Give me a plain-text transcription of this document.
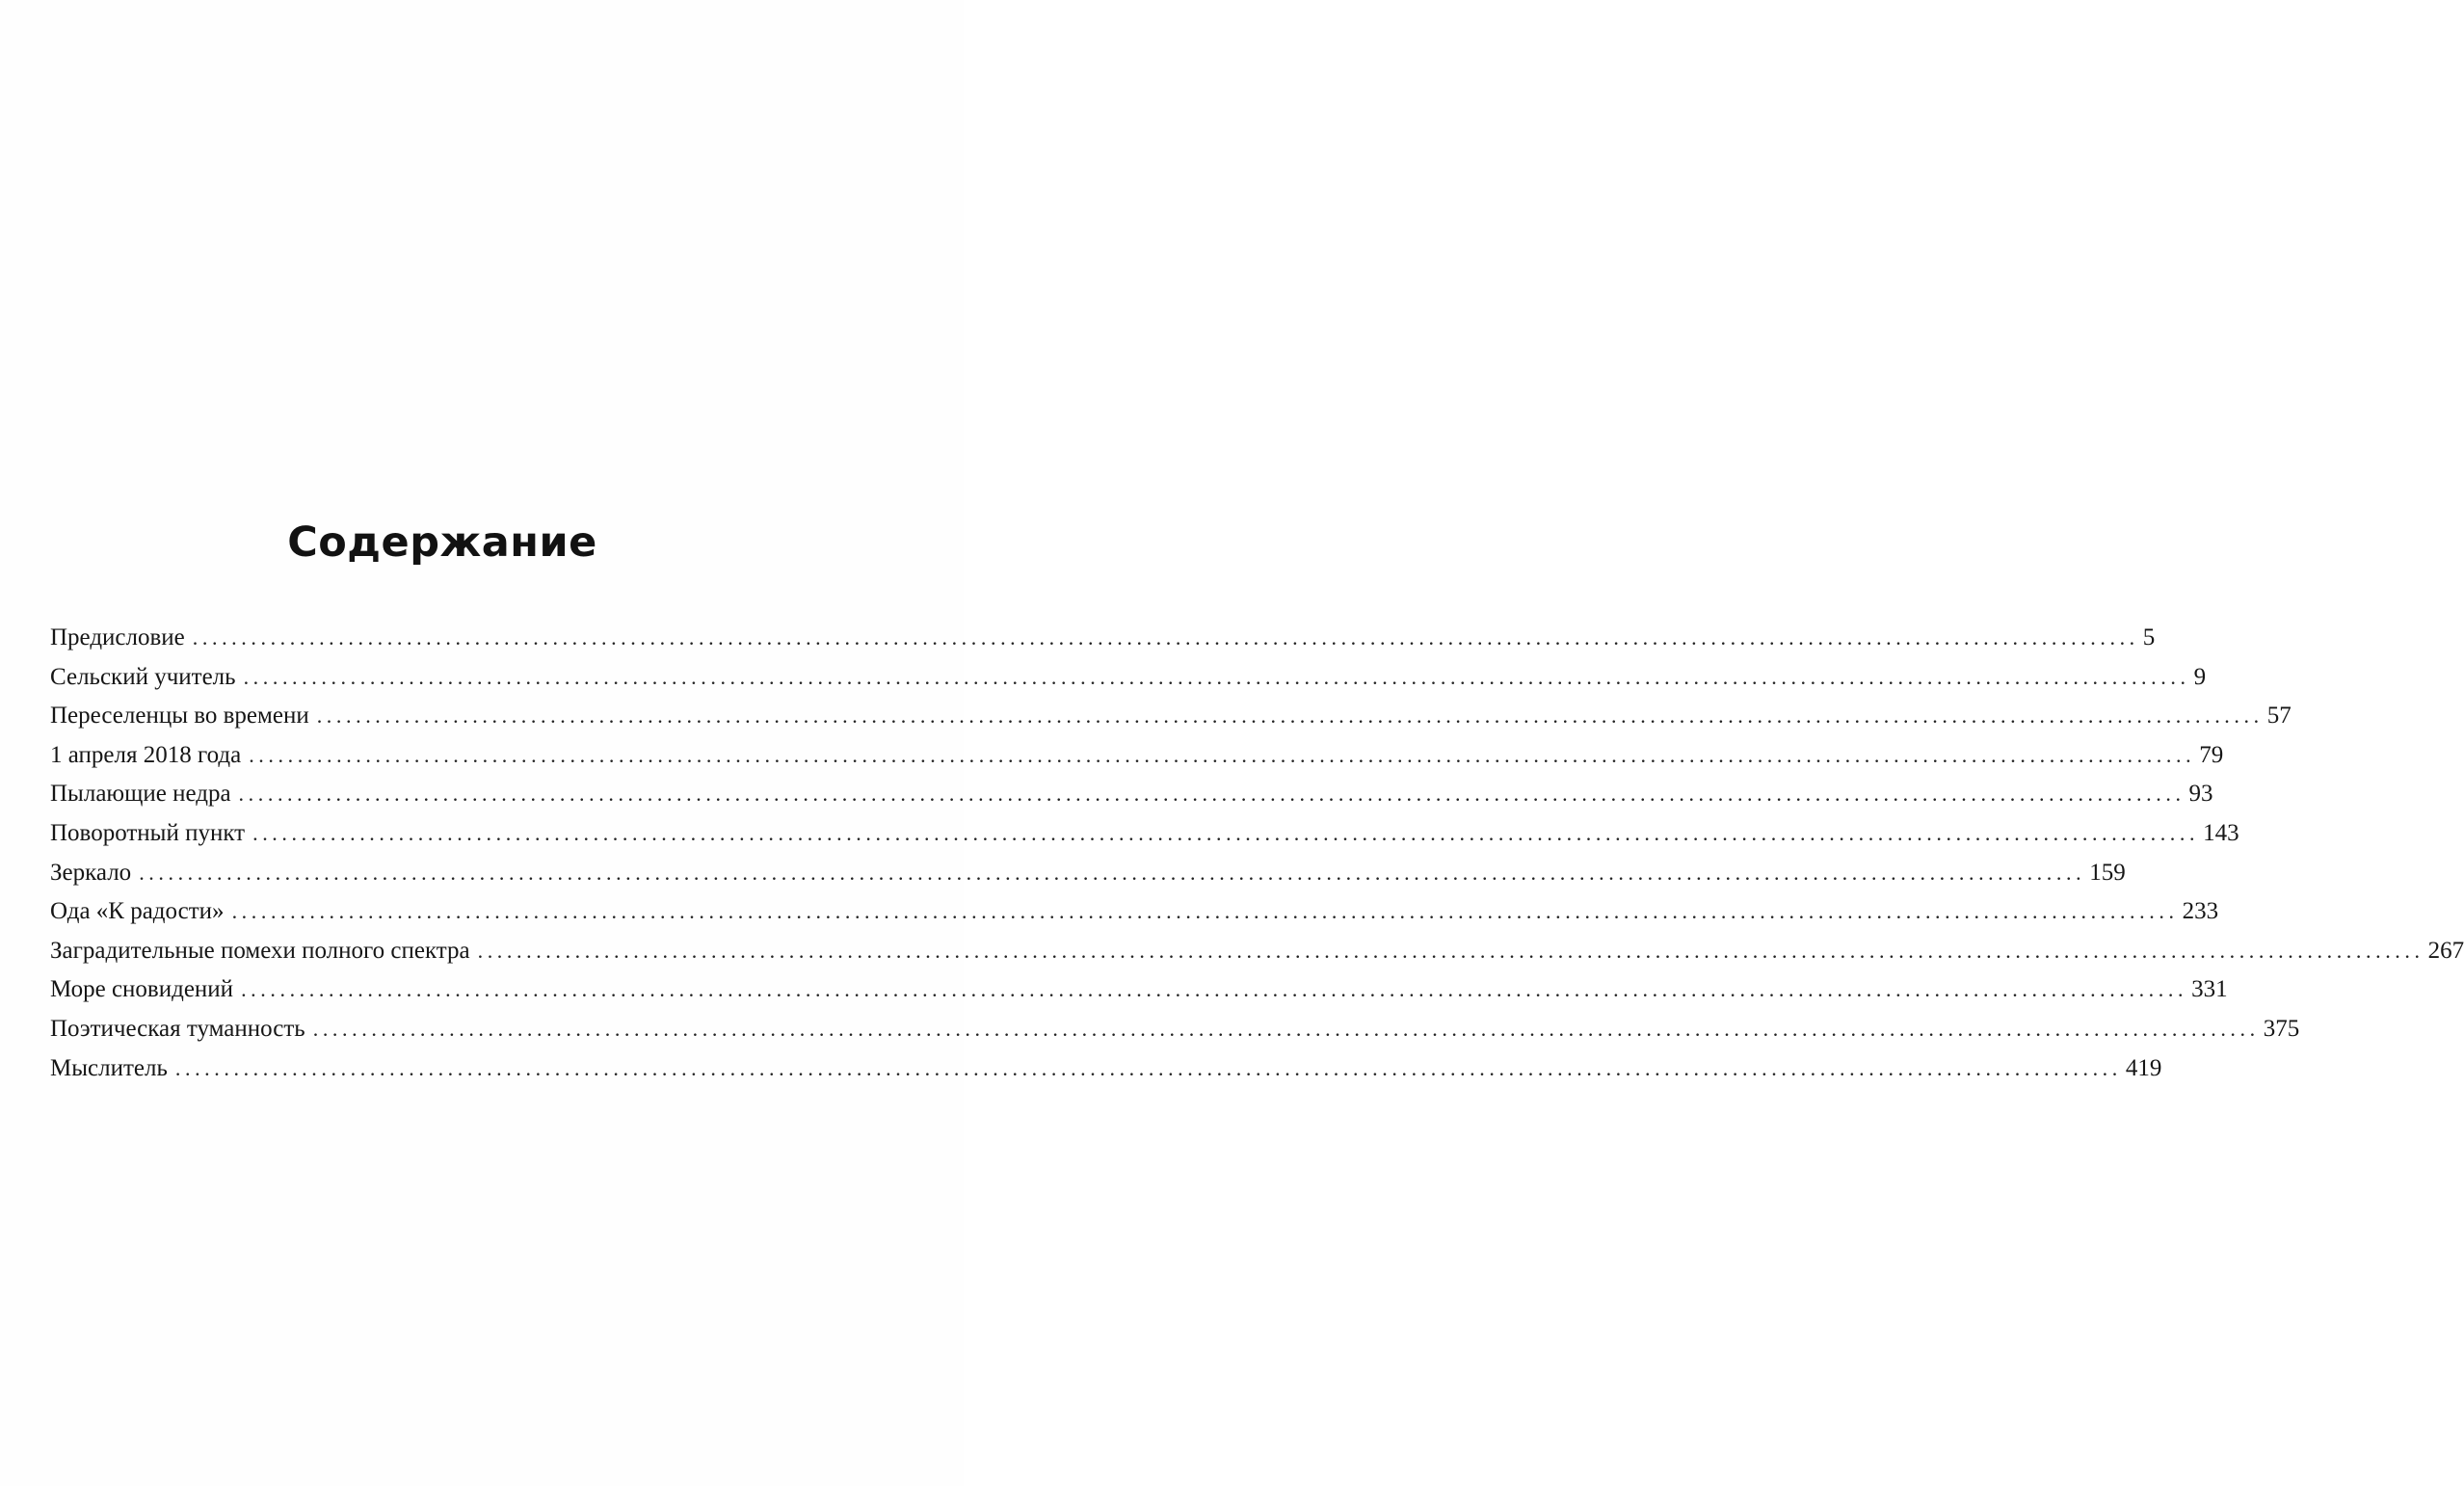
Содержание
Предисловие ........................................................................................................................................................................................................ 5
Сельский учитель ........................................................................................................................................................................................................ 9
Переселенцы во времени ........................................................................................................................................................................................................ 57
1 апреля 2018 года ........................................................................................................................................................................................................ 79
Пылающие недра ........................................................................................................................................................................................................ 93
Поворотный пункт ........................................................................................................................................................................................................ 143
Зеркало ........................................................................................................................................................................................................ 159
Ода «К радости» ........................................................................................................................................................................................................ 233
Заградительные помехи полного спектра ........................................................................................................................................................................................................ 267
Море сновидений ........................................................................................................................................................................................................ 331
Поэтическая туманность ........................................................................................................................................................................................................ 375
Мыслитель ........................................................................................................................................................................................................ 419
